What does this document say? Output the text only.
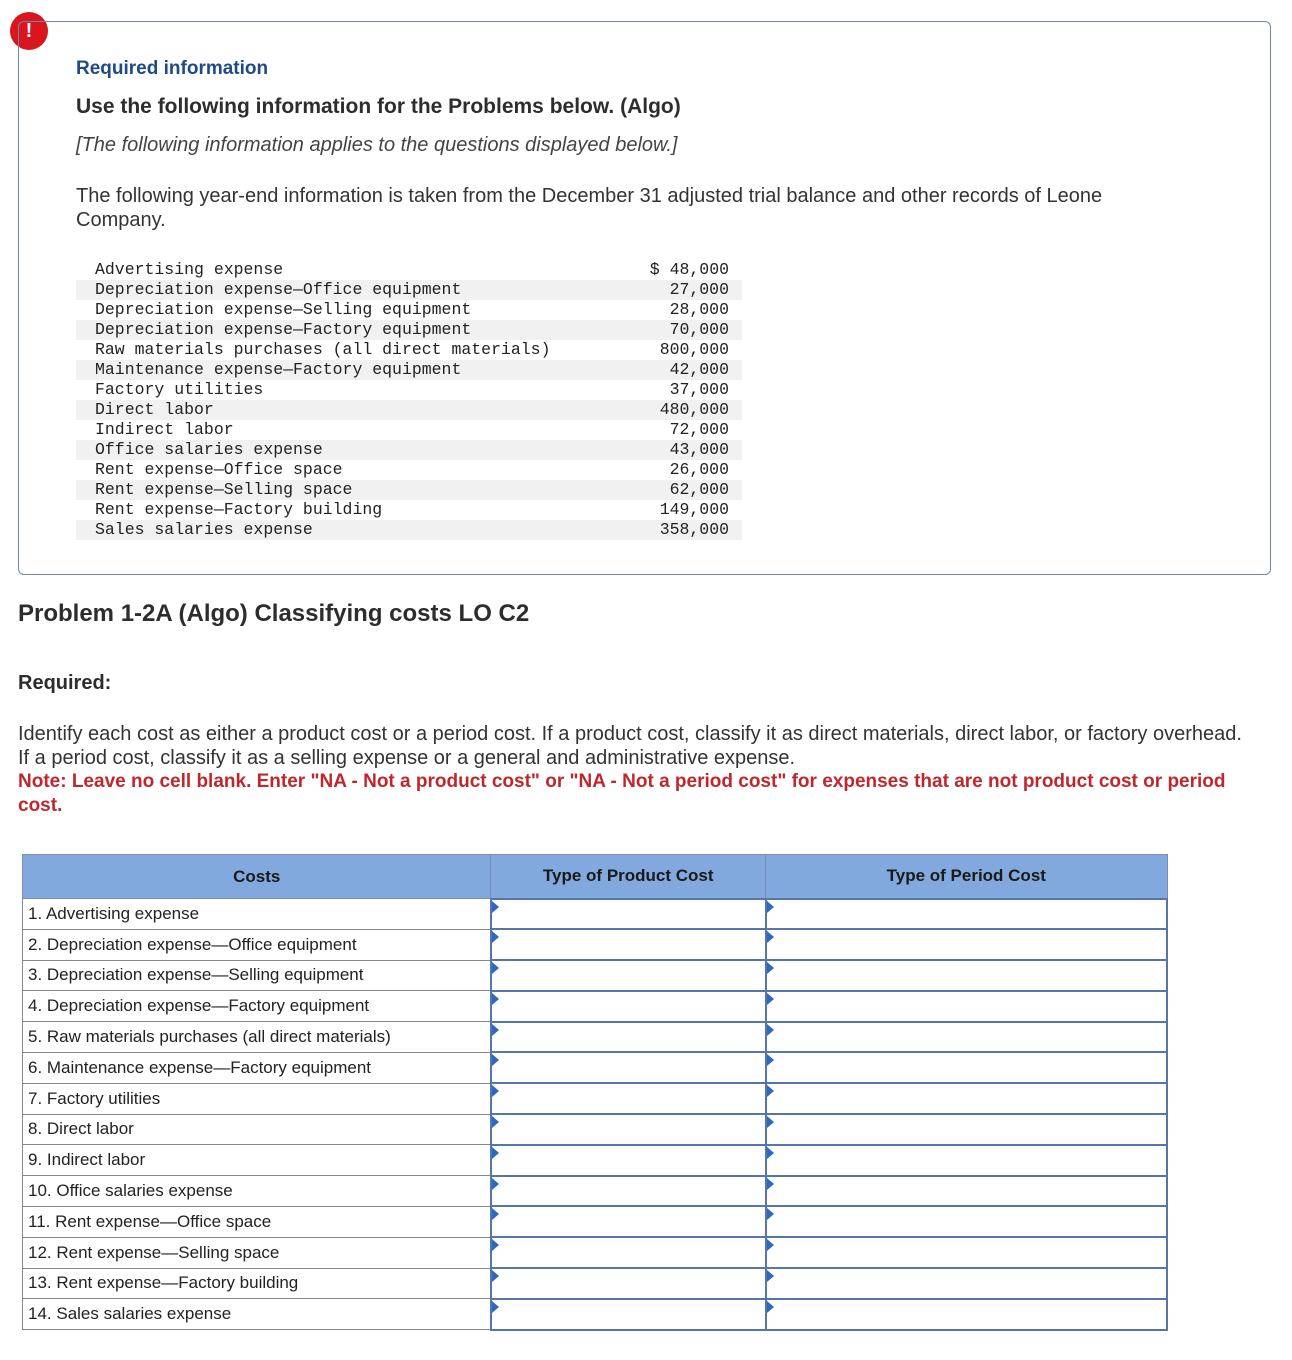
!
Required information
Use the following information for the Problems below. (Algo)
[The following information applies to the questions displayed below.]
The following year-end information is taken from the December 31 adjusted trial balance and other records of Leone Company.
Advertising expense	$ 48,000
Depreciation expense—Office equipment	27,000
Depreciation expense—Selling equipment	28,000
Depreciation expense—Factory equipment	70,000
Raw materials purchases (all direct materials)	800,000
Maintenance expense—Factory equipment	42,000
Factory utilities	37,000
Direct labor	480,000
Indirect labor	72,000
Office salaries expense	43,000
Rent expense—Office space	26,000
Rent expense—Selling space	62,000
Rent expense—Factory building	149,000
Sales salaries expense	358,000
Problem 1-2A (Algo) Classifying costs LO C2
Required:
Identify each cost as either a product cost or a period cost. If a product cost, classify it as direct materials, direct labor, or factory overhead. If a period cost, classify it as a selling expense or a general and administrative expense.
Note: Leave no cell blank. Enter "NA - Not a product cost" or "NA - Not a period cost" for expenses that are not product cost or period cost.
Costs	Type of Product Cost	Type of Period Cost
1. Advertising expense	

2. Depreciation expense—Office equipment	

3. Depreciation expense—Selling equipment	

4. Depreciation expense—Factory equipment	

5. Raw materials purchases (all direct materials)	

6. Maintenance expense—Factory equipment	

7. Factory utilities	

8. Direct labor	

9. Indirect labor	

10. Office salaries expense	

11. Rent expense—Office space	

12. Rent expense—Selling space	

13. Rent expense—Factory building	

14. Sales salaries expense	
